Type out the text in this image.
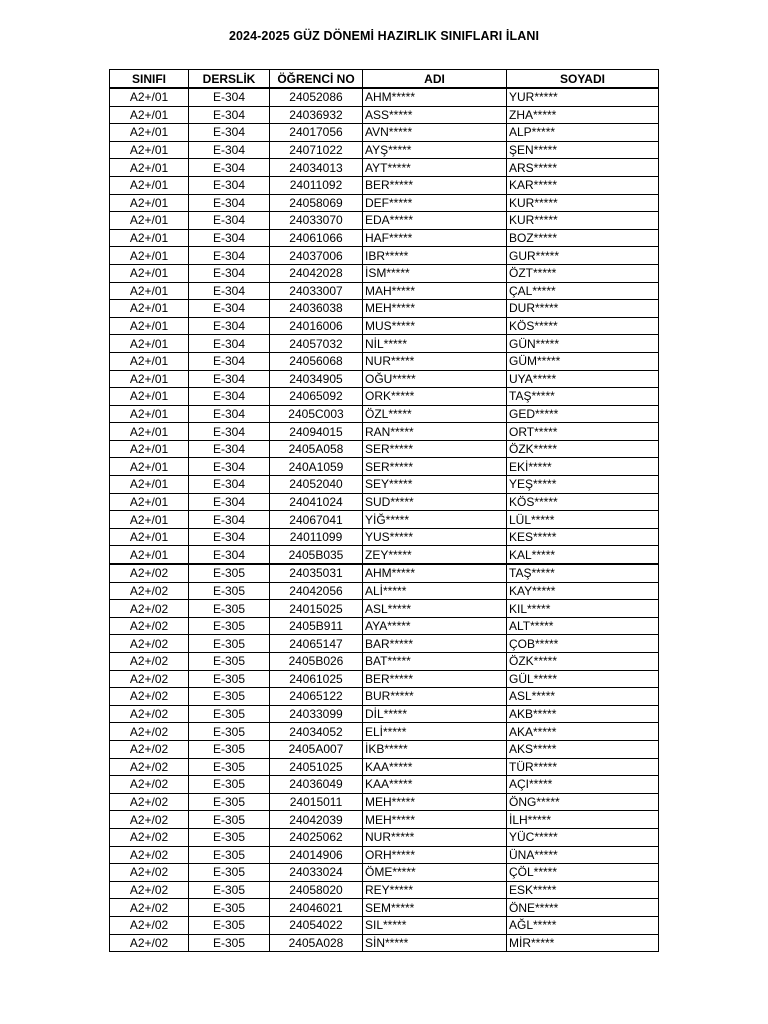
2024-2025 GÜZ DÖNEMİ HAZIRLIK SINIFLARI İLANI
SINIFI	DERSLİK	ÖĞRENCİ NO	ADI	SOYADI
A2+/01	E-304	24052086	AHM*****	YUR*****
A2+/01	E-304	24036932	ASS*****	ZHA*****
A2+/01	E-304	24017056	AVN*****	ALP*****
A2+/01	E-304	24071022	AYŞ*****	ŞEN*****
A2+/01	E-304	24034013	AYT*****	ARS*****
A2+/01	E-304	24011092	BER*****	KAR*****
A2+/01	E-304	24058069	DEF*****	KUR*****
A2+/01	E-304	24033070	EDA*****	KUR*****
A2+/01	E-304	24061066	HAF*****	BOZ*****
A2+/01	E-304	24037006	IBR*****	GUR*****
A2+/01	E-304	24042028	İSM*****	ÖZT*****
A2+/01	E-304	24033007	MAH*****	ÇAL*****
A2+/01	E-304	24036038	MEH*****	DUR*****
A2+/01	E-304	24016006	MUS*****	KÖS*****
A2+/01	E-304	24057032	NİL*****	GÜN*****
A2+/01	E-304	24056068	NUR*****	GÜM*****
A2+/01	E-304	24034905	OĞU*****	UYA*****
A2+/01	E-304	24065092	ORK*****	TAŞ*****
A2+/01	E-304	2405C003	ÖZL*****	GED*****
A2+/01	E-304	24094015	RAN*****	ORT*****
A2+/01	E-304	2405A058	SER*****	ÖZK*****
A2+/01	E-304	240A1059	SER*****	EKİ*****
A2+/01	E-304	24052040	SEY*****	YEŞ*****
A2+/01	E-304	24041024	SUD*****	KÖS*****
A2+/01	E-304	24067041	YİĞ*****	LÜL*****
A2+/01	E-304	24011099	YUS*****	KES*****
A2+/01	E-304	2405B035	ZEY*****	KAL*****
A2+/02	E-305	24035031	AHM*****	TAŞ*****
A2+/02	E-305	24042056	ALİ*****	KAY*****
A2+/02	E-305	24015025	ASL*****	KIL*****
A2+/02	E-305	2405B911	AYA*****	ALT*****
A2+/02	E-305	24065147	BAR*****	ÇOB*****
A2+/02	E-305	2405B026	BAT*****	ÖZK*****
A2+/02	E-305	24061025	BER*****	GÜL*****
A2+/02	E-305	24065122	BUR*****	ASL*****
A2+/02	E-305	24033099	DİL*****	AKB*****
A2+/02	E-305	24034052	ELİ*****	AKA*****
A2+/02	E-305	2405A007	İKB*****	AKS*****
A2+/02	E-305	24051025	KAA*****	TÜR*****
A2+/02	E-305	24036049	KAA*****	AÇI*****
A2+/02	E-305	24015011	MEH*****	ÖNG*****
A2+/02	E-305	24042039	MEH*****	İLH*****
A2+/02	E-305	24025062	NUR*****	YÜC*****
A2+/02	E-305	24014906	ORH*****	ÜNA*****
A2+/02	E-305	24033024	ÖME*****	ÇÖL*****
A2+/02	E-305	24058020	REY*****	ESK*****
A2+/02	E-305	24046021	SEM*****	ÖNE*****
A2+/02	E-305	24054022	SIL*****	AĞL*****
A2+/02	E-305	2405A028	SİN*****	MİR*****
